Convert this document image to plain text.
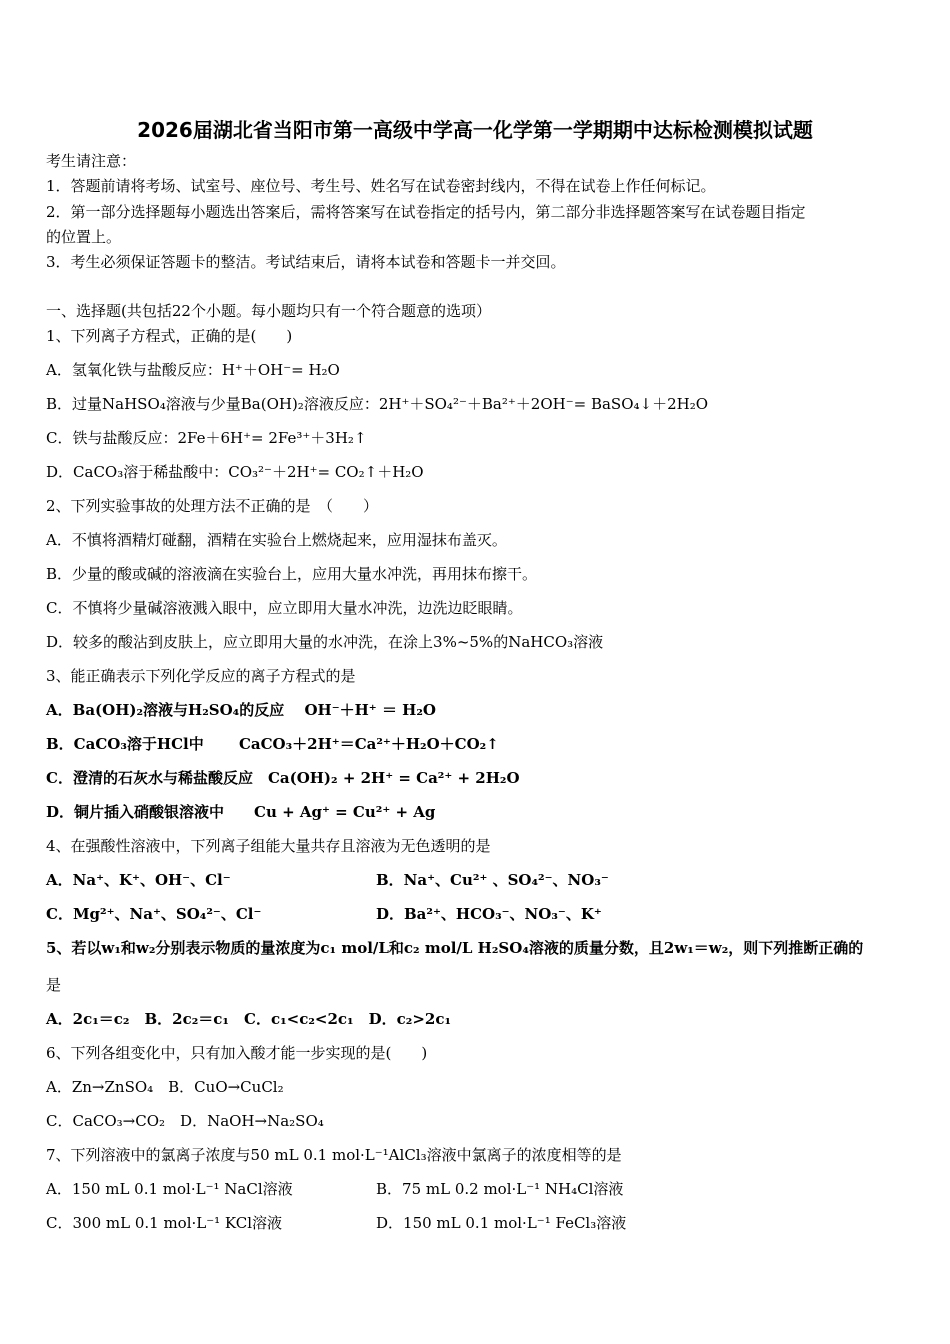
2026届湖北省当阳市第一高级中学高一化学第一学期期中达标检测模拟试题
考生请注意：
1．答题前请将考场、试室号、座位号、考生号、姓名写在试卷密封线内，不得在试卷上作任何标记。
2．第一部分选择题每小题选出答案后，需将答案写在试卷指定的括号内，第二部分非选择题答案写在试卷题目指定
的位置上。
3．考生必须保证答题卡的整洁。考试结束后，请将本试卷和答题卡一并交回。
一、选择题(共包括22个小题。每小题均只有一个符合题意的选项）
1、下列离子方程式，正确的是(　　)
A．氢氧化铁与盐酸反应：H⁺＋OH⁻= H₂O
B．过量NaHSO₄溶液与少量Ba(OH)₂溶液反应：2H⁺＋SO₄²⁻＋Ba²⁺＋2OH⁻= BaSO₄↓＋2H₂O
C．铁与盐酸反应：2Fe＋6H⁺= 2Fe³⁺＋3H₂↑
D．CaCO₃溶于稀盐酸中：CO₃²⁻＋2H⁺= CO₂↑＋H₂O
2、下列实验事故的处理方法不正确的是　（　　）
A．不慎将酒精灯碰翻，酒精在实验台上燃烧起来，应用湿抹布盖灭。
B．少量的酸或碱的溶液滴在实验台上，应用大量水冲洗，再用抹布擦干。
C．不慎将少量碱溶液溅入眼中，应立即用大量水冲洗，边洗边眨眼睛。
D．较多的酸沾到皮肤上，应立即用大量的水冲洗，在涂上3%~5%的NaHCO₃溶液
3、能正确表示下列化学反应的离子方程式的是
A．Ba(OH)₂溶液与H₂SO₄的反应　 OH⁻＋H⁺ ＝ H₂O
B．CaCO₃溶于HCl中　　 CaCO₃＋2H⁺＝Ca²⁺＋H₂O＋CO₂↑
C．澄清的石灰水与稀盐酸反应　Ca(OH)₂ + 2H⁺ = Ca²⁺ + 2H₂O
D．铜片插入硝酸银溶液中　　Cu + Ag⁺ = Cu²⁺ + Ag
4、在强酸性溶液中，下列离子组能大量共存且溶液为无色透明的是
A．Na⁺、K⁺、OH⁻、Cl⁻	B．Na⁺、Cu²⁺ 、SO₄²⁻、NO₃⁻
C．Mg²⁺、Na⁺、SO₄²⁻、Cl⁻	D．Ba²⁺、HCO₃⁻、NO₃⁻、K⁺
5、若以w₁和w₂分别表示物质的量浓度为c₁ mol/L和c₂ mol/L H₂SO₄溶液的质量分数，且2w₁＝w₂，则下列推断正确的
是
A．2c₁＝c₂　B．2c₂＝c₁　C．c₁<c₂<2c₁　D．c₂>2c₁
6、下列各组变化中，只有加入酸才能一步实现的是(　　)
A．Zn→ZnSO₄　B．CuO→CuCl₂
C．CaCO₃→CO₂　D．NaOH→Na₂SO₄
7、下列溶液中的氯离子浓度与50 mL 0.1 mol·L⁻¹AlCl₃溶液中氯离子的浓度相等的是
A．150 mL 0.1 mol·L⁻¹ NaCl溶液	B．75 mL 0.2 mol·L⁻¹ NH₄Cl溶液
C．300 mL 0.1 mol·L⁻¹ KCl溶液	D．150 mL 0.1 mol·L⁻¹ FeCl₃溶液
